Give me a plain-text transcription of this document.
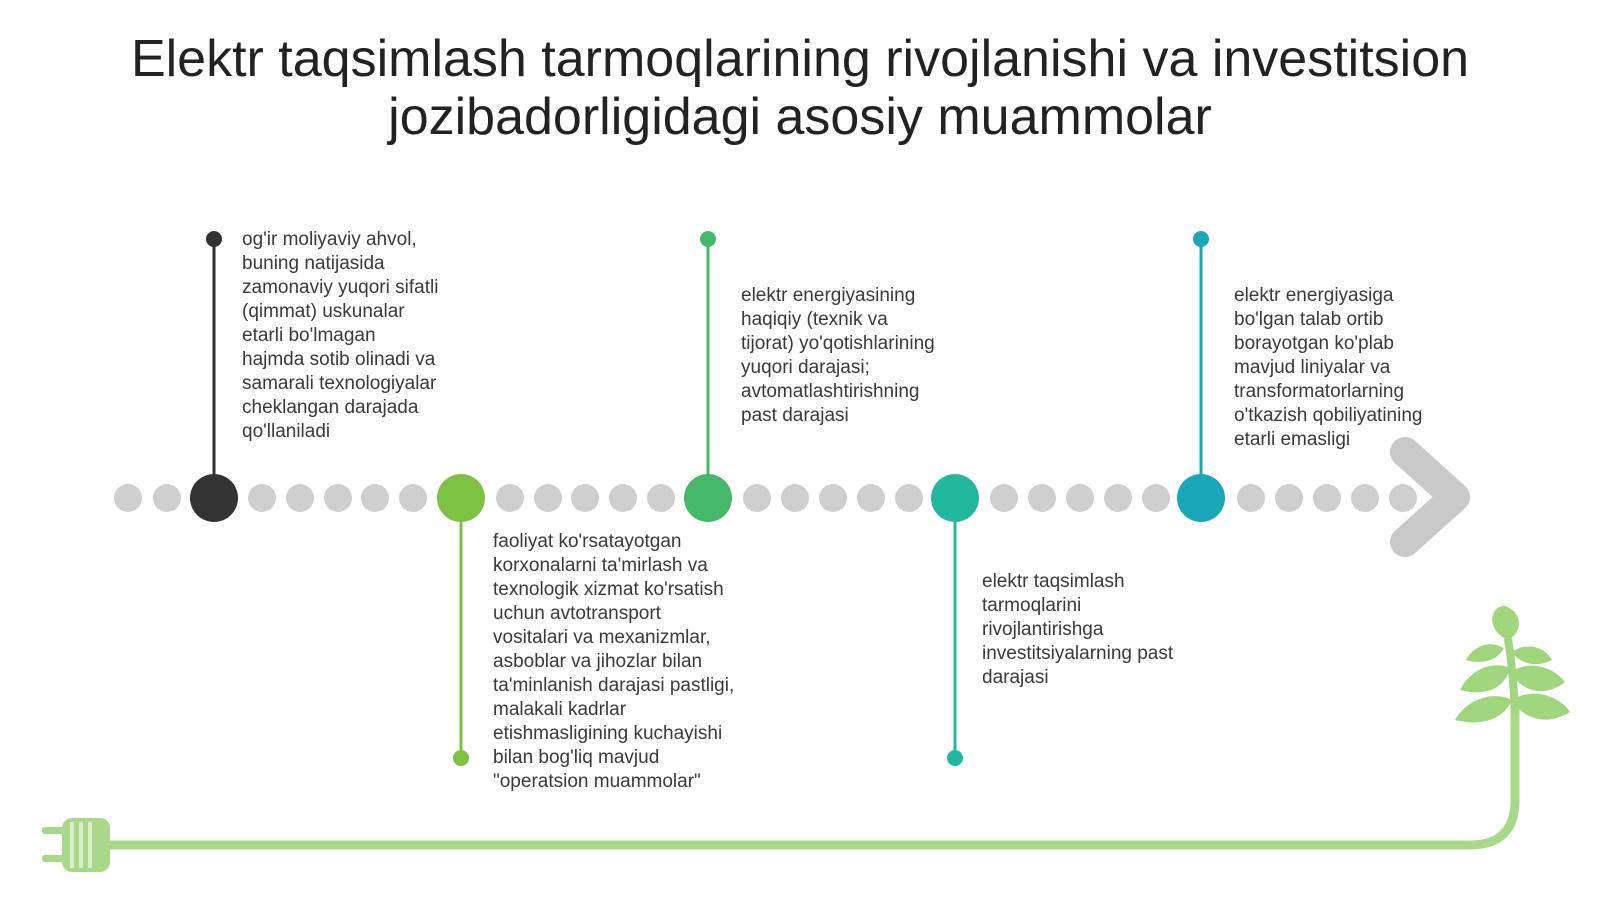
Elektr taqsimlash tarmoqlarining rivojlanishi va investitsion
jozibadorligidagi asosiy muammolar
og'ir moliyaviy ahvol,
buning natijasida
zamonaviy yuqori sifatli
(qimmat) uskunalar
etarli bo'lmagan
hajmda sotib olinadi va
samarali texnologiyalar
cheklangan darajada
qo'llaniladi
faoliyat ko'rsatayotgan
korxonalarni ta'mirlash va
texnologik xizmat ko'rsatish
uchun avtotransport
vositalari va mexanizmlar,
asboblar va jihozlar bilan
ta'minlanish darajasi pastligi,
malakali kadrlar
etishmasligining kuchayishi
bilan bog'liq mavjud
"operatsion muammolar"
elektr energiyasining
haqiqiy (texnik va
tijorat) yo'qotishlarining
yuqori darajasi;
avtomatlashtirishning
past darajasi
elektr taqsimlash
tarmoqlarini
rivojlantirishga
investitsiyalarning past
darajasi
elektr energiyasiga
bo'lgan talab ortib
borayotgan ko'plab
mavjud liniyalar va
transformatorlarning
o'tkazish qobiliyatining
etarli emasligi
